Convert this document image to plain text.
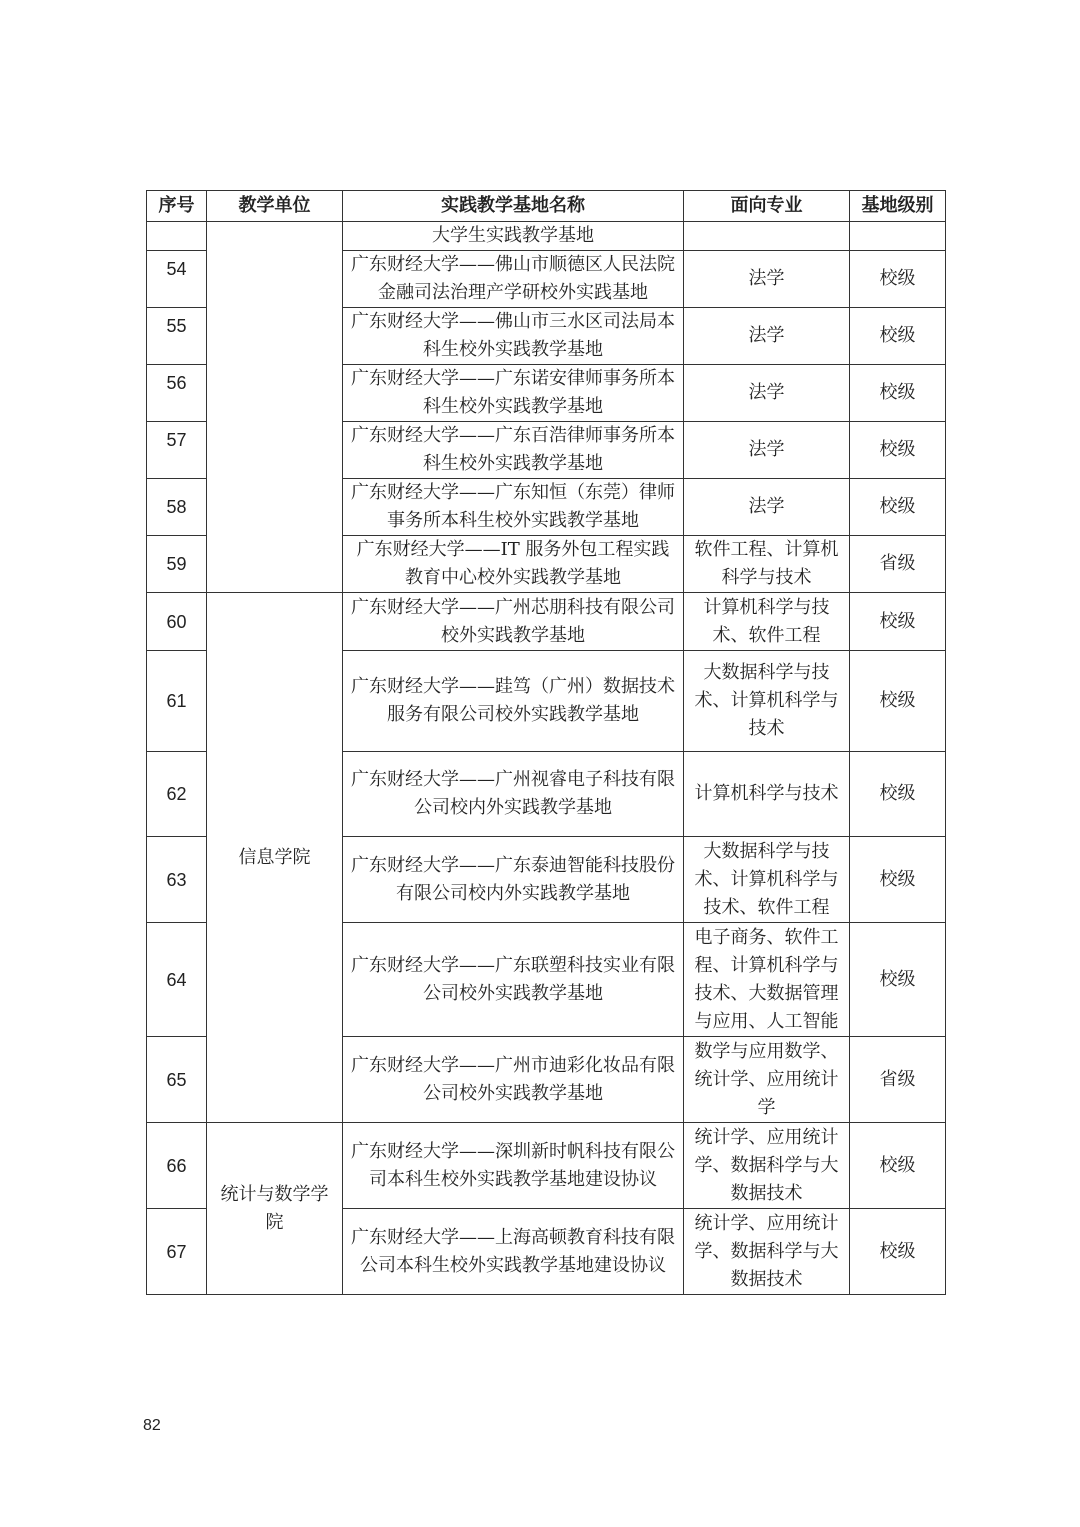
序号	教学单位	实践教学基地名称	面向专业	基地级别
		大学生实践教学基地		
54		广东财经大学——佛山市顺德区人民法院金融司法治理产学研校外实践基地	法学	校级
55		广东财经大学——佛山市三水区司法局本科生校外实践教学基地	法学	校级
56		广东财经大学——广东诺安律师事务所本科生校外实践教学基地	法学	校级
57		广东财经大学——广东百浩律师事务所本科生校外实践教学基地	法学	校级
58		广东财经大学——广东知恒（东莞）律师事务所本科生校外实践教学基地	法学	校级
59		广东财经大学——IT 服务外包工程实践教育中心校外实践教学基地	软件工程、计算机科学与技术	省级
60	信息学院	广东财经大学——广州芯朋科技有限公司校外实践教学基地	计算机科学与技术、软件工程	校级
61		广东财经大学——跬笃（广州）数据技术服务有限公司校外实践教学基地	大数据科学与技术、计算机科学与技术	校级
62		广东财经大学——广州视睿电子科技有限公司校内外实践教学基地	计算机科学与技术	校级
63		广东财经大学——广东泰迪智能科技股份有限公司校内外实践教学基地	大数据科学与技术、计算机科学与技术、软件工程	校级
64		广东财经大学——广东联塑科技实业有限公司校外实践教学基地	电子商务、软件工程、计算机科学与技术、大数据管理与应用、人工智能	校级
65		广东财经大学——广州市迪彩化妆品有限公司校外实践教学基地	数学与应用数学、统计学、应用统计学	省级
66	统计与数学学院	广东财经大学——深圳新时帆科技有限公司本科生校外实践教学基地建设协议	统计学、应用统计学、数据科学与大数据技术	校级
67		广东财经大学——上海高顿教育科技有限公司本科生校外实践教学基地建设协议	统计学、应用统计学、数据科学与大数据技术	校级
82
